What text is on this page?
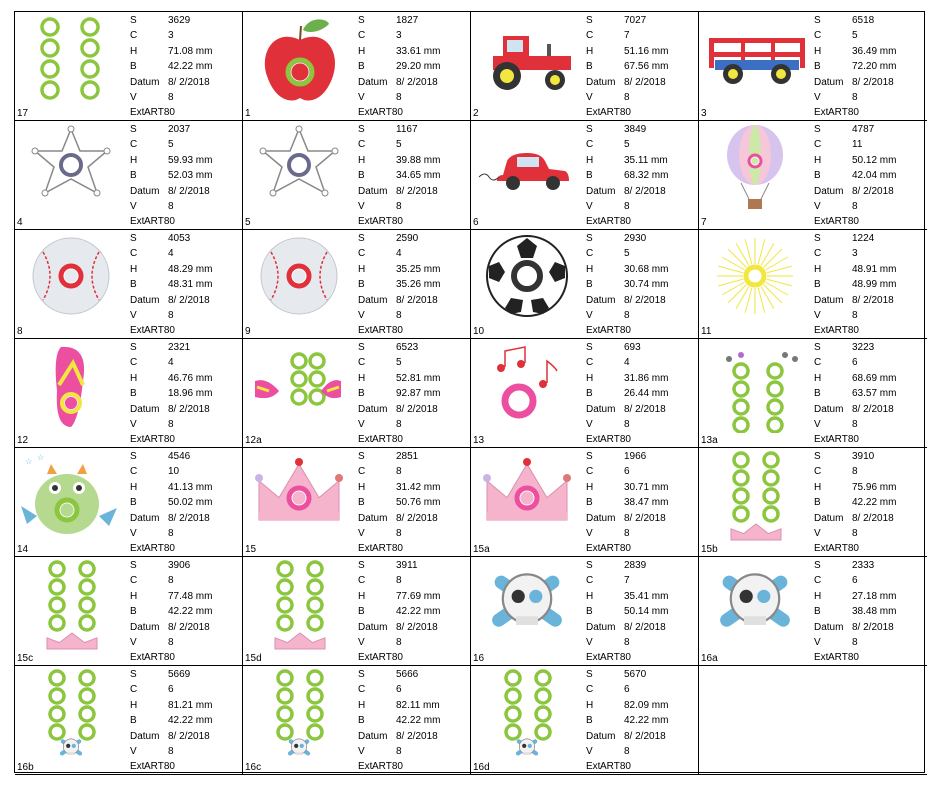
17
S	3629
C	3
H	71.08 mm
B	42.22 mm
Datum 8/ 2/2018
V	8
Ext ART80	1
S	1827
C	3
H	33.61 mm
B	29.20 mm
Datum 8/ 2/2018
V	8
Ext ART80	2
S	7027
C	7
H	51.16 mm
B	67.56 mm
Datum 8/ 2/2018
V	8
Ext ART80	3
S	6518
C	5
H	36.49 mm
B	72.20 mm
Datum 8/ 2/2018
V	8
Ext ART80
4
S	2037
C	5
H	59.93 mm
B	52.03 mm
Datum 8/ 2/2018
V	8
Ext ART80	5
S	1167
C	5
H	39.88 mm
B	34.65 mm
Datum 8/ 2/2018
V	8
Ext ART80	6
S	3849
C	5
H	35.11 mm
B	68.32 mm
Datum 8/ 2/2018
V	8
Ext ART80	7
S	4787
C	11
H	50.12 mm
B	42.04 mm
Datum 8/ 2/2018
V	8
Ext ART80
8
S	4053
C	4
H	48.29 mm
B	48.31 mm
Datum 8/ 2/2018
V	8
Ext ART80	9
S	2590
C	4
H	35.25 mm
B	35.26 mm
Datum 8/ 2/2018
V	8
Ext ART80	10
S	2930
C	5
H	30.68 mm
B	30.74 mm
Datum 8/ 2/2018
V	8
Ext ART80	11
S	1224
C	3
H	48.91 mm
B	48.99 mm
Datum 8/ 2/2018
V	8
Ext ART80
12
S	2321
C	4
H	46.76 mm
B	18.96 mm
Datum 8/ 2/2018
V	8
Ext ART80	12a
S	6523
C	5
H	52.81 mm
B	92.87 mm
Datum 8/ 2/2018
V	8
Ext ART80	13
S	693
C	4
H	31.86 mm
B	26.44 mm
Datum 8/ 2/2018
V	8
Ext ART80	13a
S	3223
C	6
H	68.69 mm
B	63.57 mm
Datum 8/ 2/2018
V	8
Ext ART80
☆ ☆
14
S	4546
C	10
H	41.13 mm
B	50.02 mm
Datum 8/ 2/2018
V	8
Ext ART80	15
S	2851
C	8
H	31.42 mm
B	50.76 mm
Datum 8/ 2/2018
V	8
Ext ART80	15a
S	1966
C	6
H	30.71 mm
B	38.47 mm
Datum 8/ 2/2018
V	8
Ext ART80	15b
S	3910
C	8
H	75.96 mm
B	42.22 mm
Datum 8/ 2/2018
V	8
Ext ART80
15c
S	3906
C	8
H	77.48 mm
B	42.22 mm
Datum 8/ 2/2018
V	8
Ext ART80	15d
S	3911
C	8
H	77.69 mm
B	42.22 mm
Datum 8/ 2/2018
V	8
Ext ART80	16
S	2839
C	7
H	35.41 mm
B	50.14 mm
Datum 8/ 2/2018
V	8
Ext ART80	16a
S	2333
C	6
H	27.18 mm
B	38.48 mm
Datum 8/ 2/2018
V	8
Ext ART80
16b
S	5669
C	6
H	81.21 mm
B	42.22 mm
Datum 8/ 2/2018
V	8
Ext ART80	16c
S	5666
C	6
H	82.11 mm
B	42.22 mm
Datum 8/ 2/2018
V	8
Ext ART80	16d
S	5670
C	6
H	82.09 mm
B	42.22 mm
Datum 8/ 2/2018
V	8
Ext ART80
